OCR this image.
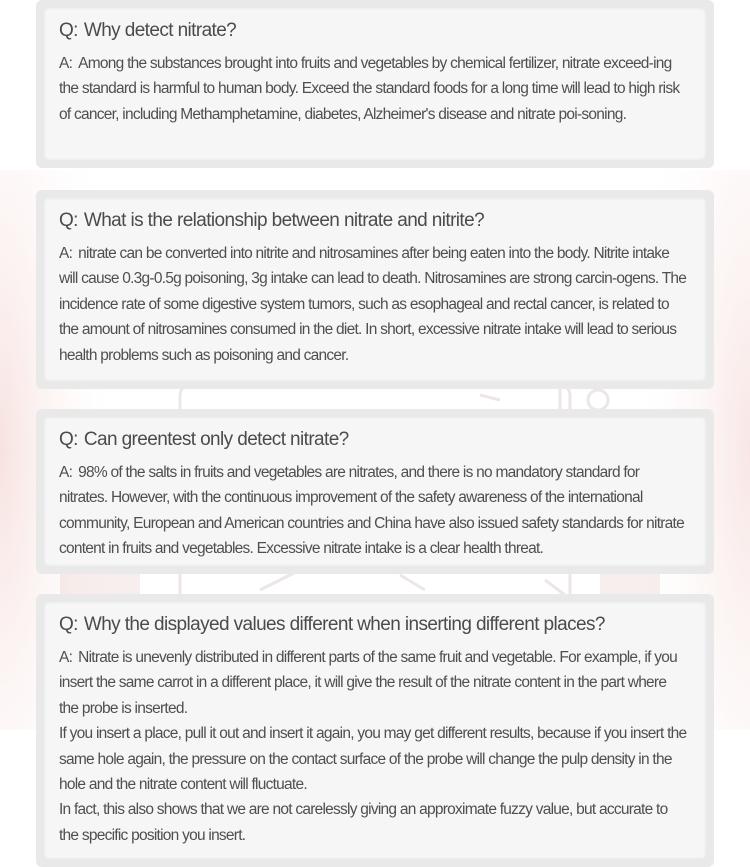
Q: Why detect nitrate?

A: Among the substances brought into fruits and vegetables by chemical fertilizer, nitrate exceed-ing the standard is harmful to human body. Exceed the standard foods for a long time will lead to high risk of cancer, including Methamphetamine, diabetes, Alzheimer's disease and nitrate poi-soning.

Q: What is the relationship between nitrate and nitrite?

A: nitrate can be converted into nitrite and nitrosamines after being eaten into the body. Nitrite intake will cause 0.3g-0.5g poisoning, 3g intake can lead to death. Nitrosamines are strong carcin-ogens. The incidence rate of some digestive system tumors, such as esophageal and rectal cancer, is related to the amount of nitrosamines consumed in the diet. In short, excessive nitrate intake will lead to serious health problems such as poisoning and cancer.

Q: Can greentest only detect nitrate?

A: 98% of the salts in fruits and vegetables are nitrates, and there is no mandatory standard for nitrates. However, with the continuous improvement of the safety awareness of the international community, European and American countries and China have also issued safety standards for nitrate content in fruits and vegetables. Excessive nitrate intake is a clear health threat.

Q: Why the displayed values different when inserting different places?

A: Nitrate is unevenly distributed in different parts of the same fruit and vegetable. For example, if you insert the same carrot in a different place, it will give the result of the nitrate content in the part where the probe is inserted.

If you insert a place, pull it out and insert it again, you may get different results, because if you insert the same hole again, the pressure on the contact surface of the probe will change the pulp density in the hole and the nitrate content will fluctuate.

In fact, this also shows that we are not carelessly giving an approximate fuzzy value, but accurate to the specific position you insert.
